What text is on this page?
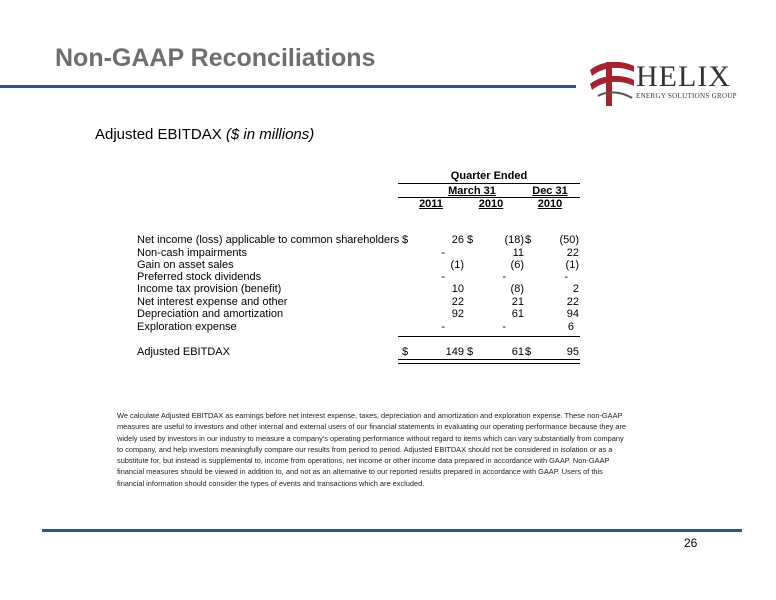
Non-GAAP Reconciliations
HELIX
ENERGY SOLUTIONS GROUP
Adjusted EBITDAX ($ in millions)
Quarter Ended
March 31	Dec 31
2011	2010	2010
Net income (loss) applicable to common shareholders $	26 $	(18) $	(50)
Non-cash impairments	-	11	22
Gain on asset sales	(1)	(6)	(1)
Preferred stock dividends	-	-	-
Income tax provision (benefit)	10	(8)	2
Net interest expense and other	22	21	22
Depreciation and amortization	92	61	94
Exploration expense	-	-	6
Adjusted EBITDAX	$	149 $	61 $	95
We calculate Adjusted EBITDAX as earnings before net interest expense, taxes, depreciation and amortization and exploration expense. These non-GAAP measures are useful to investors and other internal and external users of our financial statements in evaluating our operating performance because they are widely used by investors in our industry to measure a company's operating performance without regard to items which can vary substantially from company to company, and help investors meaningfully compare our results from period to period. Adjusted EBITDAX should not be considered in isolation or as a substitute for, but instead is supplemental to, income from operations, net income or other income data prepared in accordance with GAAP. Non-GAAP financial measures should be viewed in addition to, and not as an alternative to our reported results prepared in accordance with GAAP. Users of this financial information should consider the types of events and transactions which are excluded.
26
